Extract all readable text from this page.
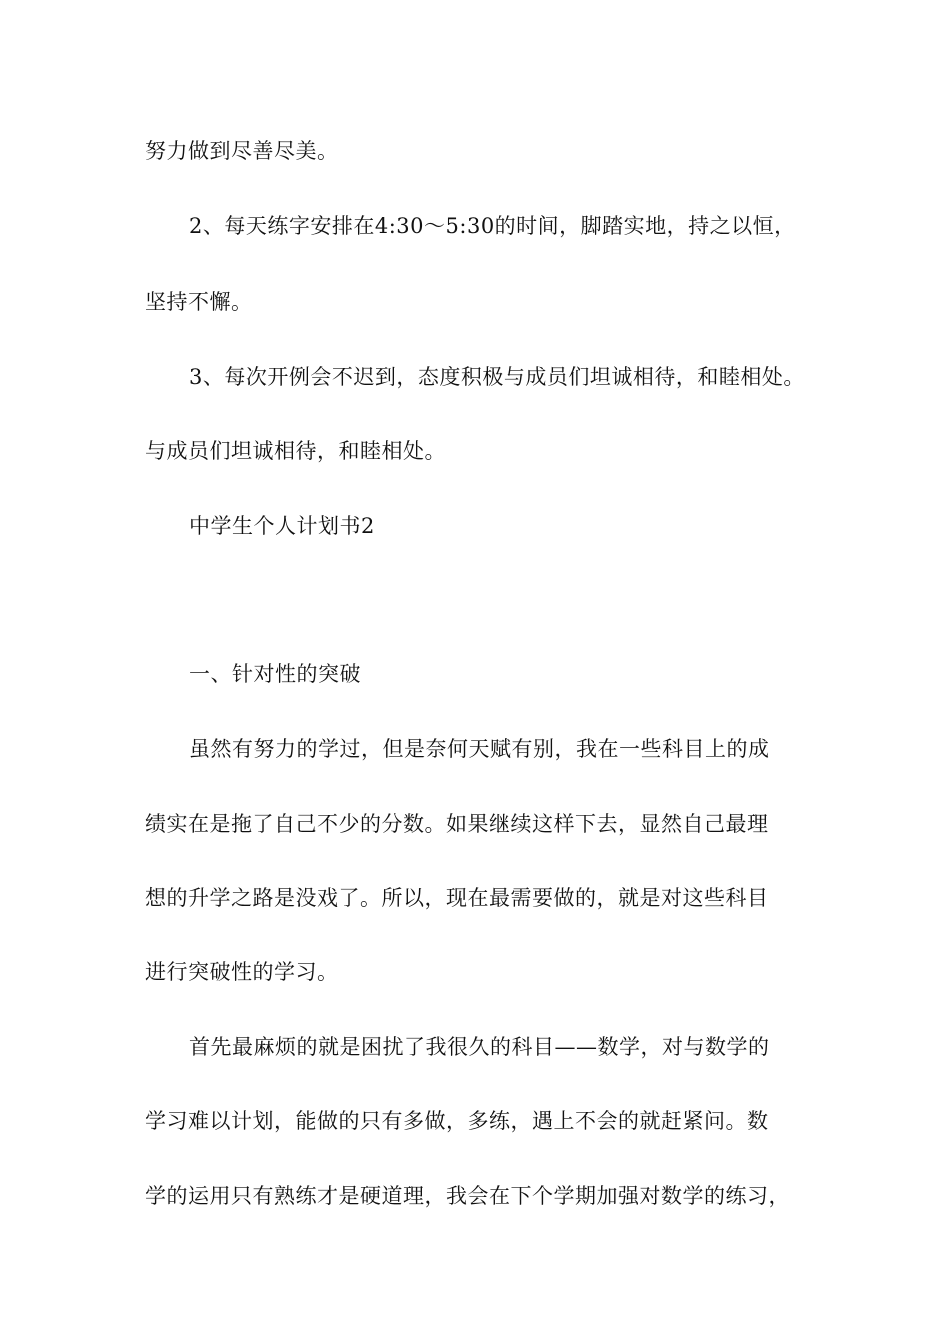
努力做到尽善尽美。
2、每天练字安排在4:30～5:30的时间，脚踏实地，持之以恒，
坚持不懈。
3、每次开例会不迟到，态度积极与成员们坦诚相待，和睦相处。
与成员们坦诚相待，和睦相处。
中学生个人计划书2
一、针对性的突破
虽然有努力的学过，但是奈何天赋有别，我在一些科目上的成
绩实在是拖了自己不少的分数。如果继续这样下去，显然自己最理
想的升学之路是没戏了。所以，现在最需要做的，就是对这些科目
进行突破性的学习。
首先最麻烦的就是困扰了我很久的科目——数学，对与数学的
学习难以计划，能做的只有多做，多练，遇上不会的就赶紧问。数
学的运用只有熟练才是硬道理，我会在下个学期加强对数学的练习，
